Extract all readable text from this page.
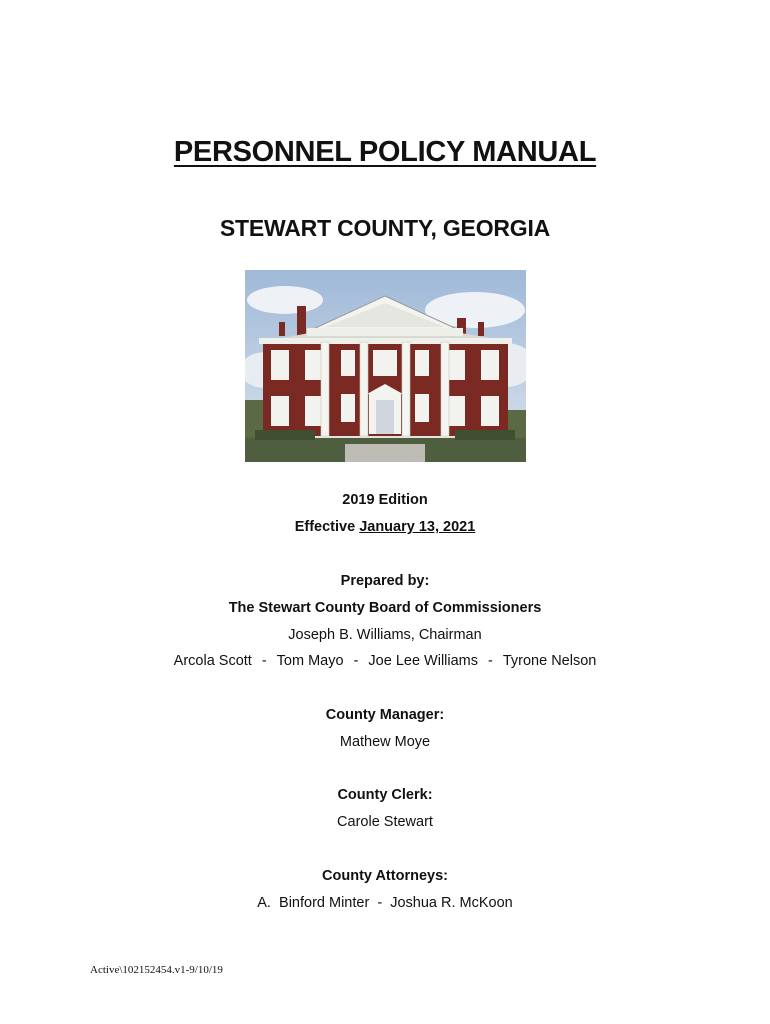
PERSONNEL POLICY MANUAL
STEWART COUNTY, GEORGIA
2019 Edition
Effective January 13, 2021
Prepared by:
The Stewart County Board of Commissioners
Joseph B. Williams, Chairman
Arcola Scott - Tom Mayo - Joe Lee Williams - Tyrone Nelson
County Manager:
Mathew Moye
County Clerk:
Carole Stewart
County Attorneys:
A.  Binford Minter  -  Joshua R. McKoon
Active\102152454.v1-9/10/19
